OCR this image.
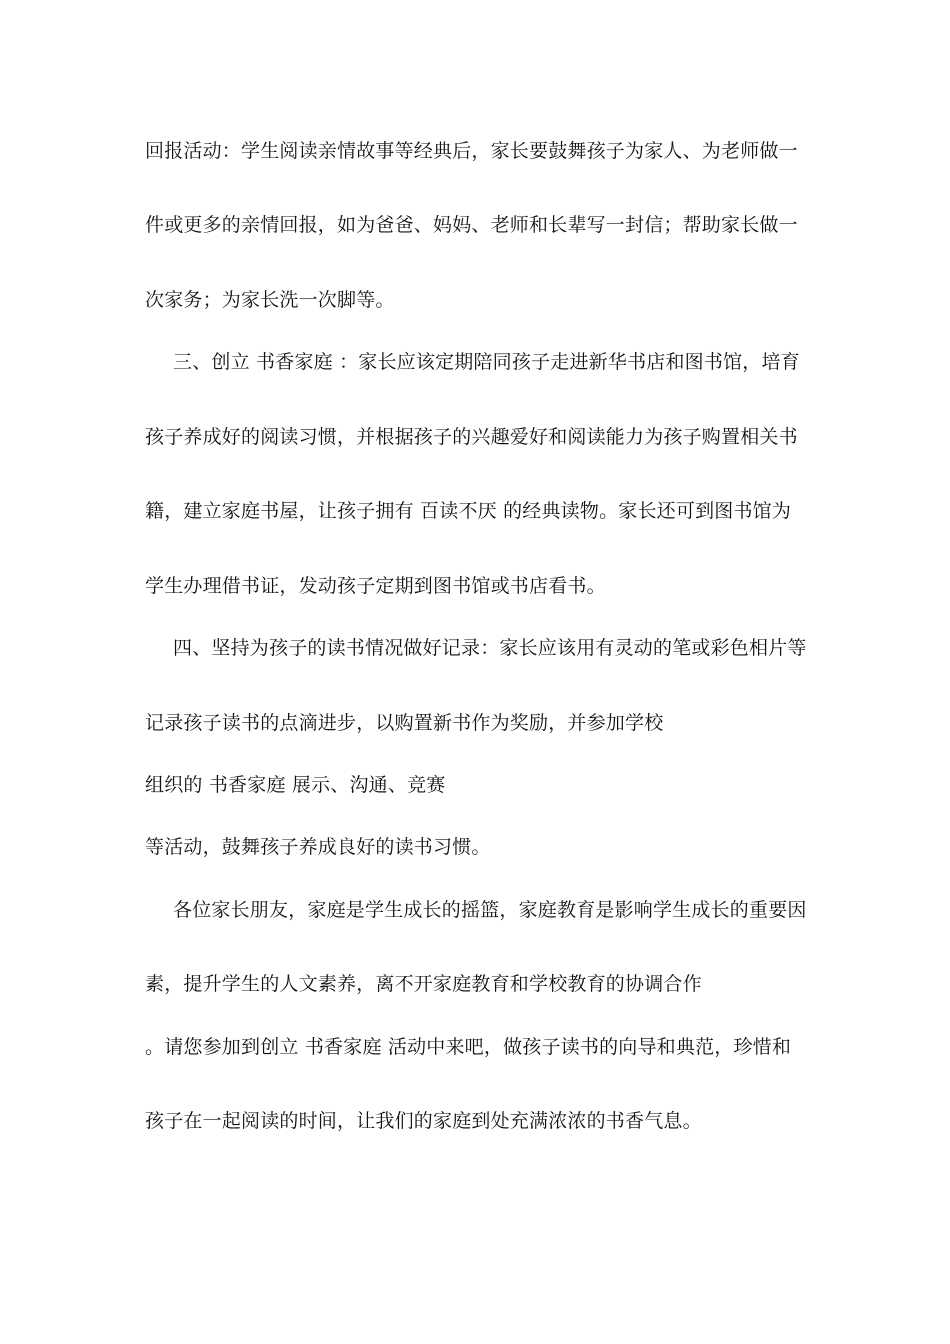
回报活动：学生阅读亲情故事等经典后，家长要鼓舞孩子为家人、为老师做一
件或更多的亲情回报，如为爸爸、妈妈、老师和长辈写一封信；帮助家长做一
次家务；为家长洗一次脚等。
三、创立 书香家庭 ：家长应该定期陪同孩子走进新华书店和图书馆，培育
孩子养成好的阅读习惯，并根据孩子的兴趣爱好和阅读能力为孩子购置相关书
籍，建立家庭书屋，让孩子拥有 百读不厌 的经典读物。家长还可到图书馆为
学生办理借书证，发动孩子定期到图书馆或书店看书。
四、坚持为孩子的读书情况做好记录：家长应该用有灵动的笔或彩色相片等
记录孩子读书的点滴进步，以购置新书作为奖励，并参加学校
组织的 书香家庭 展示、沟通、竞赛
等活动，鼓舞孩子养成良好的读书习惯。
各位家长朋友，家庭是学生成长的摇篮，家庭教育是影响学生成长的重要因
素，提升学生的人文素养，离不开家庭教育和学校教育的协调合作
。请您参加到创立 书香家庭 活动中来吧，做孩子读书的向导和典范，珍惜和
孩子在一起阅读的时间，让我们的家庭到处充满浓浓的书香气息。
